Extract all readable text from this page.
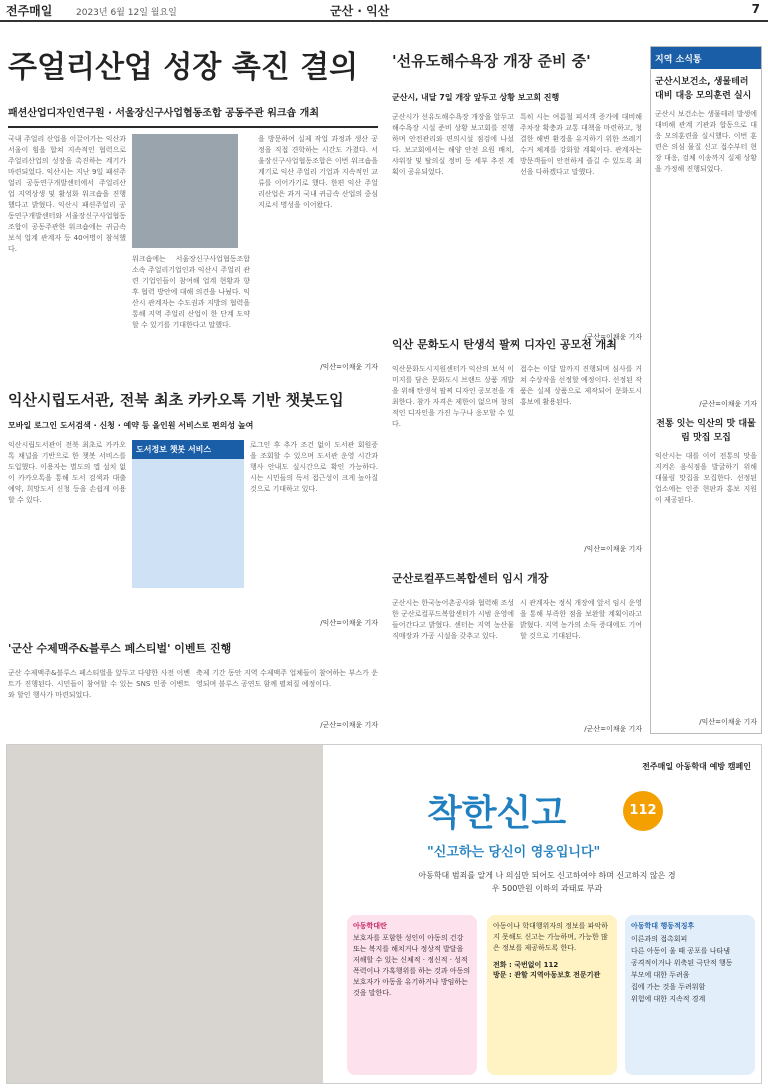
전주매일	2023년 6월 12일 월요일	군산 · 익산	7
주얼리산업 성장 촉진 결의
패션산업디자인연구원 · 서울장신구사업협동조합 공동주관 워크숍 개최
국내 주얼리 산업을 이끌어가는 익산과 서울이 힘을 합쳐 지속적인 협력으로 주얼리산업의 성장을 촉진하는 계기가 마련되었다. 익산시는 지난 9일 패션주얼리 공동연구개발센터에서 주얼리산업 지역상생 및 활성화 워크숍을 진행했다고 밝혔다. 익산시 패션주얼리 공동연구개발센터와 서울장신구사업협동조합이 공동주관한 워크숍에는 귀금속 보석 업계 관계자 등 40여명이 참석했다.
워크숍에는 서울장신구사업협동조합 소속 주얼리기업인과 익산시 주얼리 관련 기업인들이 참여해 업계 현황과 향후 협력 방안에 대해 의견을 나눴다. 익산시 관계자는 수도권과 지방의 협력을 통해 지역 주얼리 산업이 한 단계 도약할 수 있기를 기대한다고 말했다.
을 방문하여 실제 작업 과정과 생산 공정을 직접 견학하는 시간도 가졌다. 서울장신구사업협동조합은 이번 워크숍을 계기로 익산 주얼리 기업과 지속적인 교류를 이어가기로 했다. 한편 익산 주얼리산업은 과거 국내 귀금속 산업의 중심지로서 명성을 이어왔다.
/익산=이채윤 기자
'선유도해수욕장 개장 준비 중'
군산시, 내달 7일 개장 앞두고 상황 보고회 진행
군산시가 선유도해수욕장 개장을 앞두고 해수욕장 시설 준비 상황 보고회를 진행하며 안전관리와 편의시설 점검에 나섰다. 보고회에서는 해양 안전 요원 배치, 샤워장 및 탈의실 정비 등 세부 추진 계획이 공유되었다.
특히 시는 여름철 피서객 증가에 대비해 주차장 확충과 교통 대책을 마련하고, 청결한 해변 환경을 유지하기 위한 쓰레기 수거 체계를 강화할 계획이다. 관계자는 방문객들이 안전하게 즐길 수 있도록 최선을 다하겠다고 말했다.
/군산=이채윤 기자
익산시립도서관, 전북 최초 카카오톡 기반 챗봇도입
모바일 로그인 도서검색 · 신청 · 예약 등 올인원 서비스로 편의성 높여
익산시립도서관이 전북 최초로 카카오톡 채널을 기반으로 한 챗봇 서비스를 도입했다. 이용자는 별도의 앱 설치 없이 카카오톡을 통해 도서 검색과 대출 예약, 희망도서 신청 등을 손쉽게 이용할 수 있다.
도서정보 챗봇 서비스	로그인 후 추가 조건 없이 도서관 회원증을 조회할 수 있으며 도서관 운영 시간과 행사 안내도 실시간으로 확인 가능하다. 시는 시민들의 독서 접근성이 크게 높아질 것으로 기대하고 있다.
/익산=이채윤 기자
익산 문화도시 탄생석 팔찌 디자인 공모전 개최
익산문화도시지원센터가 익산의 보석 이미지를 담은 문화도시 브랜드 상품 개발을 위해 탄생석 팔찌 디자인 공모전을 개최한다. 참가 자격은 제한이 없으며 창의적인 디자인을 가진 누구나 응모할 수 있다.
접수는 이달 말까지 진행되며 심사를 거쳐 수상작을 선정할 예정이다. 선정된 작품은 실제 상품으로 제작되어 문화도시 홍보에 활용된다.
/익산=이채윤 기자
군산로컬푸드복합센터 임시 개장
군산시는 한국농어촌공사와 협력해 조성한 군산로컬푸드복합센터가 시범 운영에 들어간다고 밝혔다. 센터는 지역 농산물 직매장과 가공 시설을 갖추고 있다.
시 관계자는 정식 개장에 앞서 임시 운영을 통해 부족한 점을 보완할 계획이라고 밝혔다. 지역 농가의 소득 증대에도 기여할 것으로 기대된다.
/군산=이채윤 기자
'군산 수제맥주&블루스 페스티벌' 이벤트 진행
군산 수제맥주&블루스 페스티벌을 앞두고 다양한 사전 이벤트가 진행된다. 시민들이 참여할 수 있는 SNS 인증 이벤트와 할인 행사가 마련되었다.
축제 기간 동안 지역 수제맥주 업체들이 참여하는 부스가 운영되며 블루스 공연도 함께 펼쳐질 예정이다.
/군산=이채윤 기자
지역 소식통
군산시보건소, 생물테러 대비 대응 모의훈련 실시
군산시 보건소는 생물테러 발생에 대비해 관계 기관과 합동으로 대응 모의훈련을 실시했다. 이번 훈련은 의심 물질 신고 접수부터 현장 대응, 검체 이송까지 실제 상황을 가정해 진행되었다.
/군산=이채윤 기자
전통 잇는 익산의 맛 대물림 맛집 모집
익산시는 대를 이어 전통의 맛을 지켜온 음식점을 발굴하기 위해 대물림 맛집을 모집한다. 선정된 업소에는 인증 현판과 홍보 지원이 제공된다.
/익산=이채윤 기자
전주매일 아동학대 예방 캠페인
착한신고	112
"신고하는 당신이 영웅입니다"
아동학대 범죄를 알게 나 의심만 되어도 신고하여야 하며 신고하지 않은 경우 500만원 이하의 과태료 부과
아동학대란
보호자를 포함한 성인이 아동의 건강 또는 복지를 해치거나 정상적 발달을 저해할 수 있는 신체적 · 정신적 · 성적 폭력이나 가혹행위를 하는 것과 아동의 보호자가 아동을 유기하거나 방임하는 것을 말한다.
아동이나 학대행위자의 정보를 파악하지 못해도 신고는 가능하며, 가능한 많은 정보를 제공하도록 한다.
전화 : 국번없이 112
방문 : 관할 지역아동보호 전문기관
아동학대 행동적징후
이른과의 접촉회피
다른 아동이 울 때 공포를 나타냄
공격적이거나 위축된 극단적 행동
부모에 대한 두려움
집에 가는 것을 두려워함
위험에 대한 지속적 경계
